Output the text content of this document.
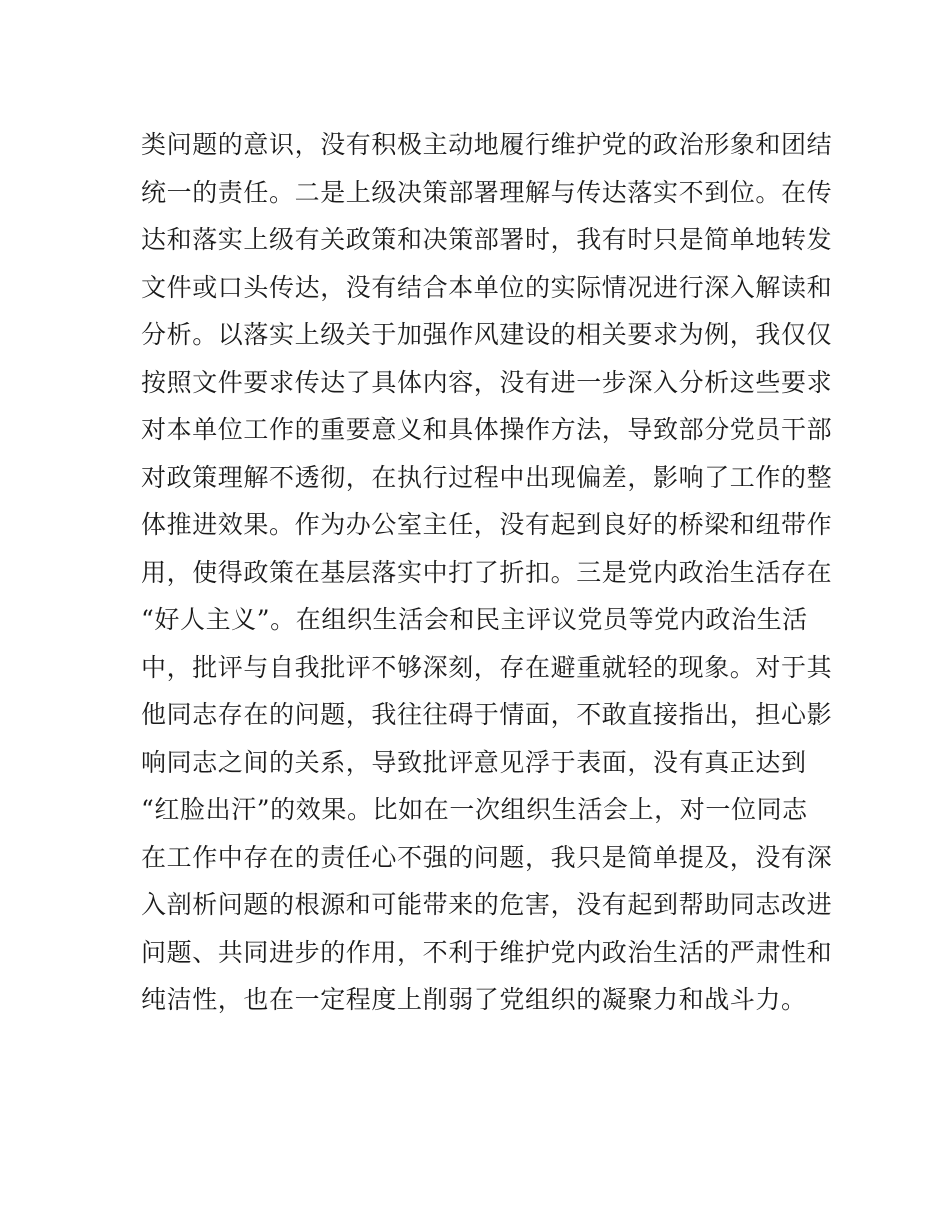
类问题的意识，没有积极主动地履行维护党的政治形象和团结
统一的责任。二是上级决策部署理解与传达落实不到位。在传
达和落实上级有关政策和决策部署时，我有时只是简单地转发
文件或口头传达，没有结合本单位的实际情况进行深入解读和
分析。以落实上级关于加强作风建设的相关要求为例，我仅仅
按照文件要求传达了具体内容，没有进一步深入分析这些要求
对本单位工作的重要意义和具体操作方法，导致部分党员干部
对政策理解不透彻，在执行过程中出现偏差，影响了工作的整
体推进效果。作为办公室主任，没有起到良好的桥梁和纽带作
用，使得政策在基层落实中打了折扣。三是党内政治生活存在
“好人主义”。在组织生活会和民主评议党员等党内政治生活
中，批评与自我批评不够深刻，存在避重就轻的现象。对于其
他同志存在的问题，我往往碍于情面，不敢直接指出，担心影
响同志之间的关系，导致批评意见浮于表面，没有真正达到
“红脸出汗”的效果。比如在一次组织生活会上，对一位同志
在工作中存在的责任心不强的问题，我只是简单提及，没有深
入剖析问题的根源和可能带来的危害，没有起到帮助同志改进
问题、共同进步的作用，不利于维护党内政治生活的严肃性和
纯洁性，也在一定程度上削弱了党组织的凝聚力和战斗力。
